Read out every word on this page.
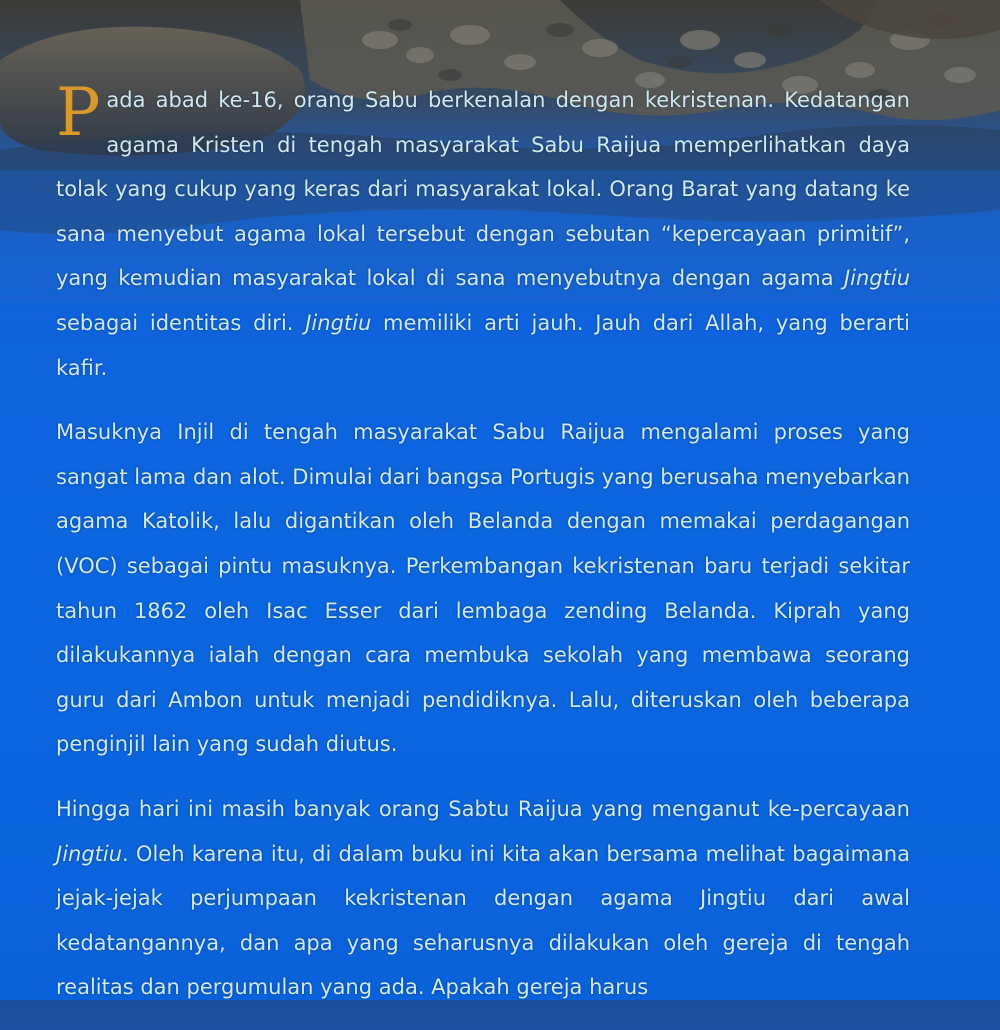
Pada abad ke-16, orang Sabu berkenalan dengan kekristenan. Kedatangan agama Kristen di tengah masyarakat Sabu Raijua memperlihatkan daya tolak yang cukup yang keras dari masyarakat lokal. Orang Barat yang datang ke sana menyebut agama lokal tersebut dengan sebutan “kepercayaan primitif”, yang kemudian masyarakat lokal di sana menyebutnya dengan agama Jingtiu sebagai identitas diri. Jingtiu memiliki arti jauh. Jauh dari Allah, yang berarti kafir.

Masuknya Injil di tengah masyarakat Sabu Raijua mengalami proses yang sangat lama dan alot. Dimulai dari bangsa Portugis yang berusaha menyebarkan agama Katolik, lalu digantikan oleh Belanda dengan memakai perdagangan (VOC) sebagai pintu masuknya. Perkembangan kekristenan baru terjadi sekitar tahun 1862 oleh Isac Esser dari lembaga zending Belanda. Kiprah yang dilakukannya ialah dengan cara membuka sekolah yang membawa seorang guru dari Ambon untuk menjadi pendidiknya. Lalu, diteruskan oleh beberapa penginjil lain yang sudah diutus.

Hingga hari ini masih banyak orang Sabtu Raijua yang menganut ke-percayaan Jingtiu. Oleh karena itu, di dalam buku ini kita akan bersama melihat bagaimana jejak-jejak perjumpaan kekristenan dengan agama Jingtiu dari awal kedatangannya, dan apa yang seharusnya dilakukan oleh gereja di tengah realitas dan pergumulan yang ada. Apakah gereja harus
